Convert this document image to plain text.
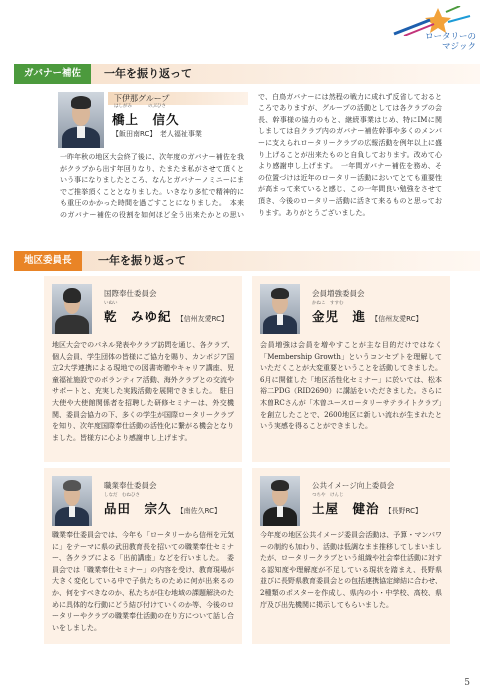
ロータリーの
マジック
ガバナー補佐	一年を振り返って
下伊那グループ
はしがみ	のぶひさ
橋上　信久
【飯田南RC】　老人福祉事業

一昨年秋の地区大会終了後に、次年度のガバナー補佐を我がクラブから出す年回りなり、たまたま私がさせて頂くという事になりましたところ、なんとガバナーノミニーにまでご推挙頂くこととなりました。いきなり多忙で精神的にも重圧のかかった時間を過ごすことになりました。　本来のガバナー補佐の役割を如何ほど全う出来たかとの思い　

　で、白鳥ガバナーには然程の戦力に成れず反省しておるところでありますが、グループの活動としては各クラブの会長、幹事様の協力のもと、継続事業はじめ、特にIMに関しましては自クラブ内のガバナー補佐幹事や多くのメンバーに支えられロータリークラブの広報活動を例年以上に盛り上げることが出来たものと自負しております。改めて心より感謝申し上げます。　一年間ガバナー補佐を務め、その位置づけは近年のロータリー活動においてとても重要性が高まって来ていると感じ、この一年間良い勉強をさせて頂き、今後のロータリー活動に活きて来るものと思っております。ありがとうございました。

地区委員長	一年を振り返って
国際奉仕委員会
いぬい
乾　みゆ紀 【信州友愛RC】

地区大会でのパネル発表やクラブ訪問を通じ、各クラブ、個人会員、学生団体の皆様にご協力を賜り、カンボジア国立2大学連携による現地での図書寄贈やキャリア講座、児童福祉施設でのボランティア活動、海外クラブとの交流やサポートと、充実した実践活動を展開できました。　駐日大使や大使館関係者を招聘した研修セミナーは、外交機関、委員会協力の下、多くの学生が国際ロータリークラブを知り、次年度国際奉仕活動の活性化に繋がる機会となりました。皆様方に心より感謝申し上げます。

会員増強委員会
かねこ　すすむ
金児　進 【信州友愛RC】

会員増強は会員を増やすことが主な目的だけではなく「Membership Growth」というコンセプトを理解していただくことが大変重要ということを活動してきました。6月に開催した「地区活性化セミナー」に於いては、松本裕二PDG（RID2690）に講話をいただきました。さらに木曽RCさんが「木曽ユースロータリーサテライトクラブ」を創立したことで、2600地区に新しい流れが生まれたという実感を得ることができました。

職業奉仕委員会
しなだ　むねひさ
品田　宗久 【南佐久RC】

職業奉仕委員会では、今年も「ロータリーから信州を元気に」をテーマに県の武田教育長を招いての職業奉仕セミナー、各クラブによる「出前講座」などを行いました。　委員会では「職業奉仕セミナー」の内容を受け、教育現場が大きく変化している中で子供たちのために何が出来るのか、何をすべきなのか、私たちが住む地域の課題解決のために具体的な行動にどう結び付けていくのか等、今後のロータリーやクラブの職業奉仕活動の在り方について話し合いをしました。

公共イメージ向上委員会
つちや　けんじ
土屋　健治 【長野RC】

今年度の地区公共イメージ委員会活動は、予算・マンパワーの制約も加わり、活動は低調なまま推移してしまいましたが、ロータリークラブという組織や社会奉仕活動に対する認知度や理解度が不足している現状を踏まえ、長野県並びに長野県教育委員会との包括連携協定締結に合わせ、2種類のポスターを作成し、県内の小・中学校、高校、県庁及び出先機関に掲示してもらいました。

5
